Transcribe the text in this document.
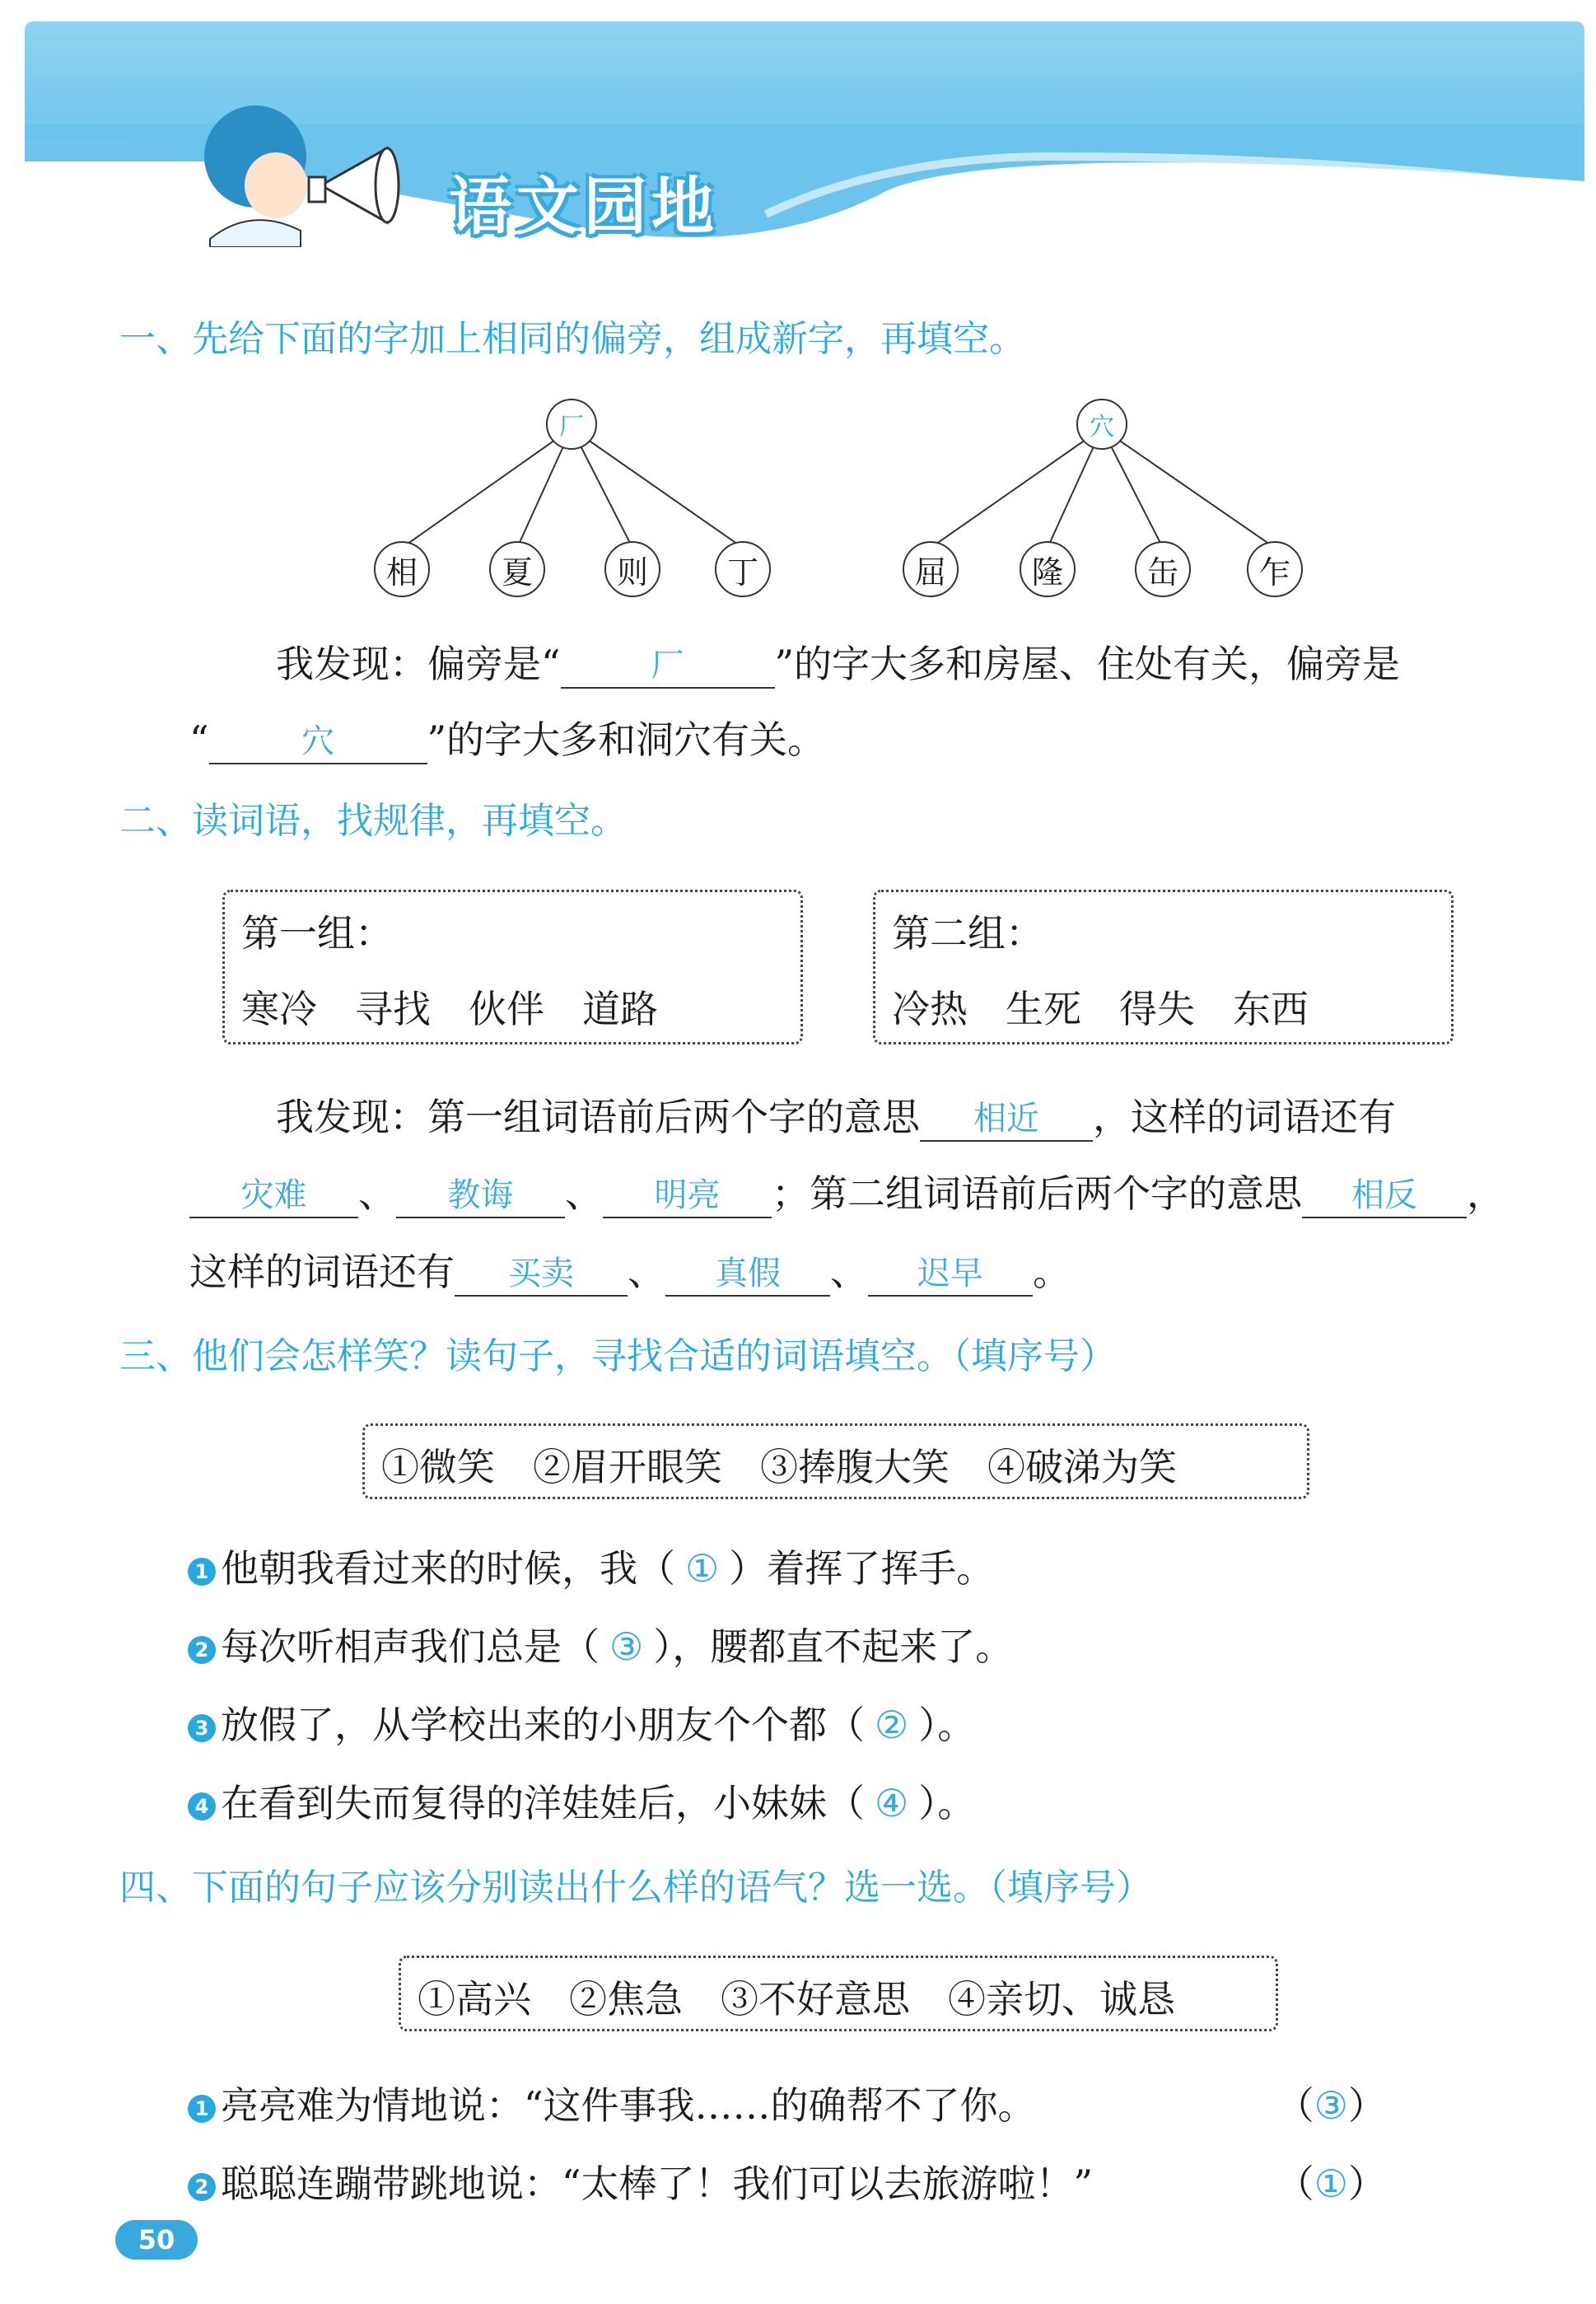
语文园地
一、先给下面的字加上相同的偏旁，组成新字，再填空。
厂
相	夏	则	丁
穴
屈	隆	缶	乍
我发现：偏旁是“	厂 ”的字大多和房屋、住处有关，偏旁是
“	穴 ”的字大多和洞穴有关。
二、读词语，找规律，再填空。
第一组：
寒冷　寻找　伙伴　道路
第二组：
冷热　生死　得失　东西
我发现：第一组词语前后两个字的意思 相近 ，这样的词语还有
灾难 、 教诲 、 明亮 ；第二组词语前后两个字的意思 相反 ，
这样的词语还有 买卖 、 真假 、 迟早 。
三、他们会怎样笑？读句子，寻找合适的词语填空。（填序号）
①微笑　②眉开眼笑　③捧腹大笑　④破涕为笑
1 他朝我看过来的时候，我（ ① ）着挥了挥手。
2 每次听相声我们总是（ ③ ），腰都直不起来了。
3 放假了，从学校出来的小朋友个个都（ ② ）。
4 在看到失而复得的洋娃娃后，小妹妹（ ④ ）。
四、下面的句子应该分别读出什么样的语气？选一选。（填序号）
①高兴　②焦急　③不好意思　④亲切、诚恳
1 亮亮难为情地说：“这件事我……的确帮不了你。	（③）
2 聪聪连蹦带跳地说：“太棒了！我们可以去旅游啦！”	（①）
50
